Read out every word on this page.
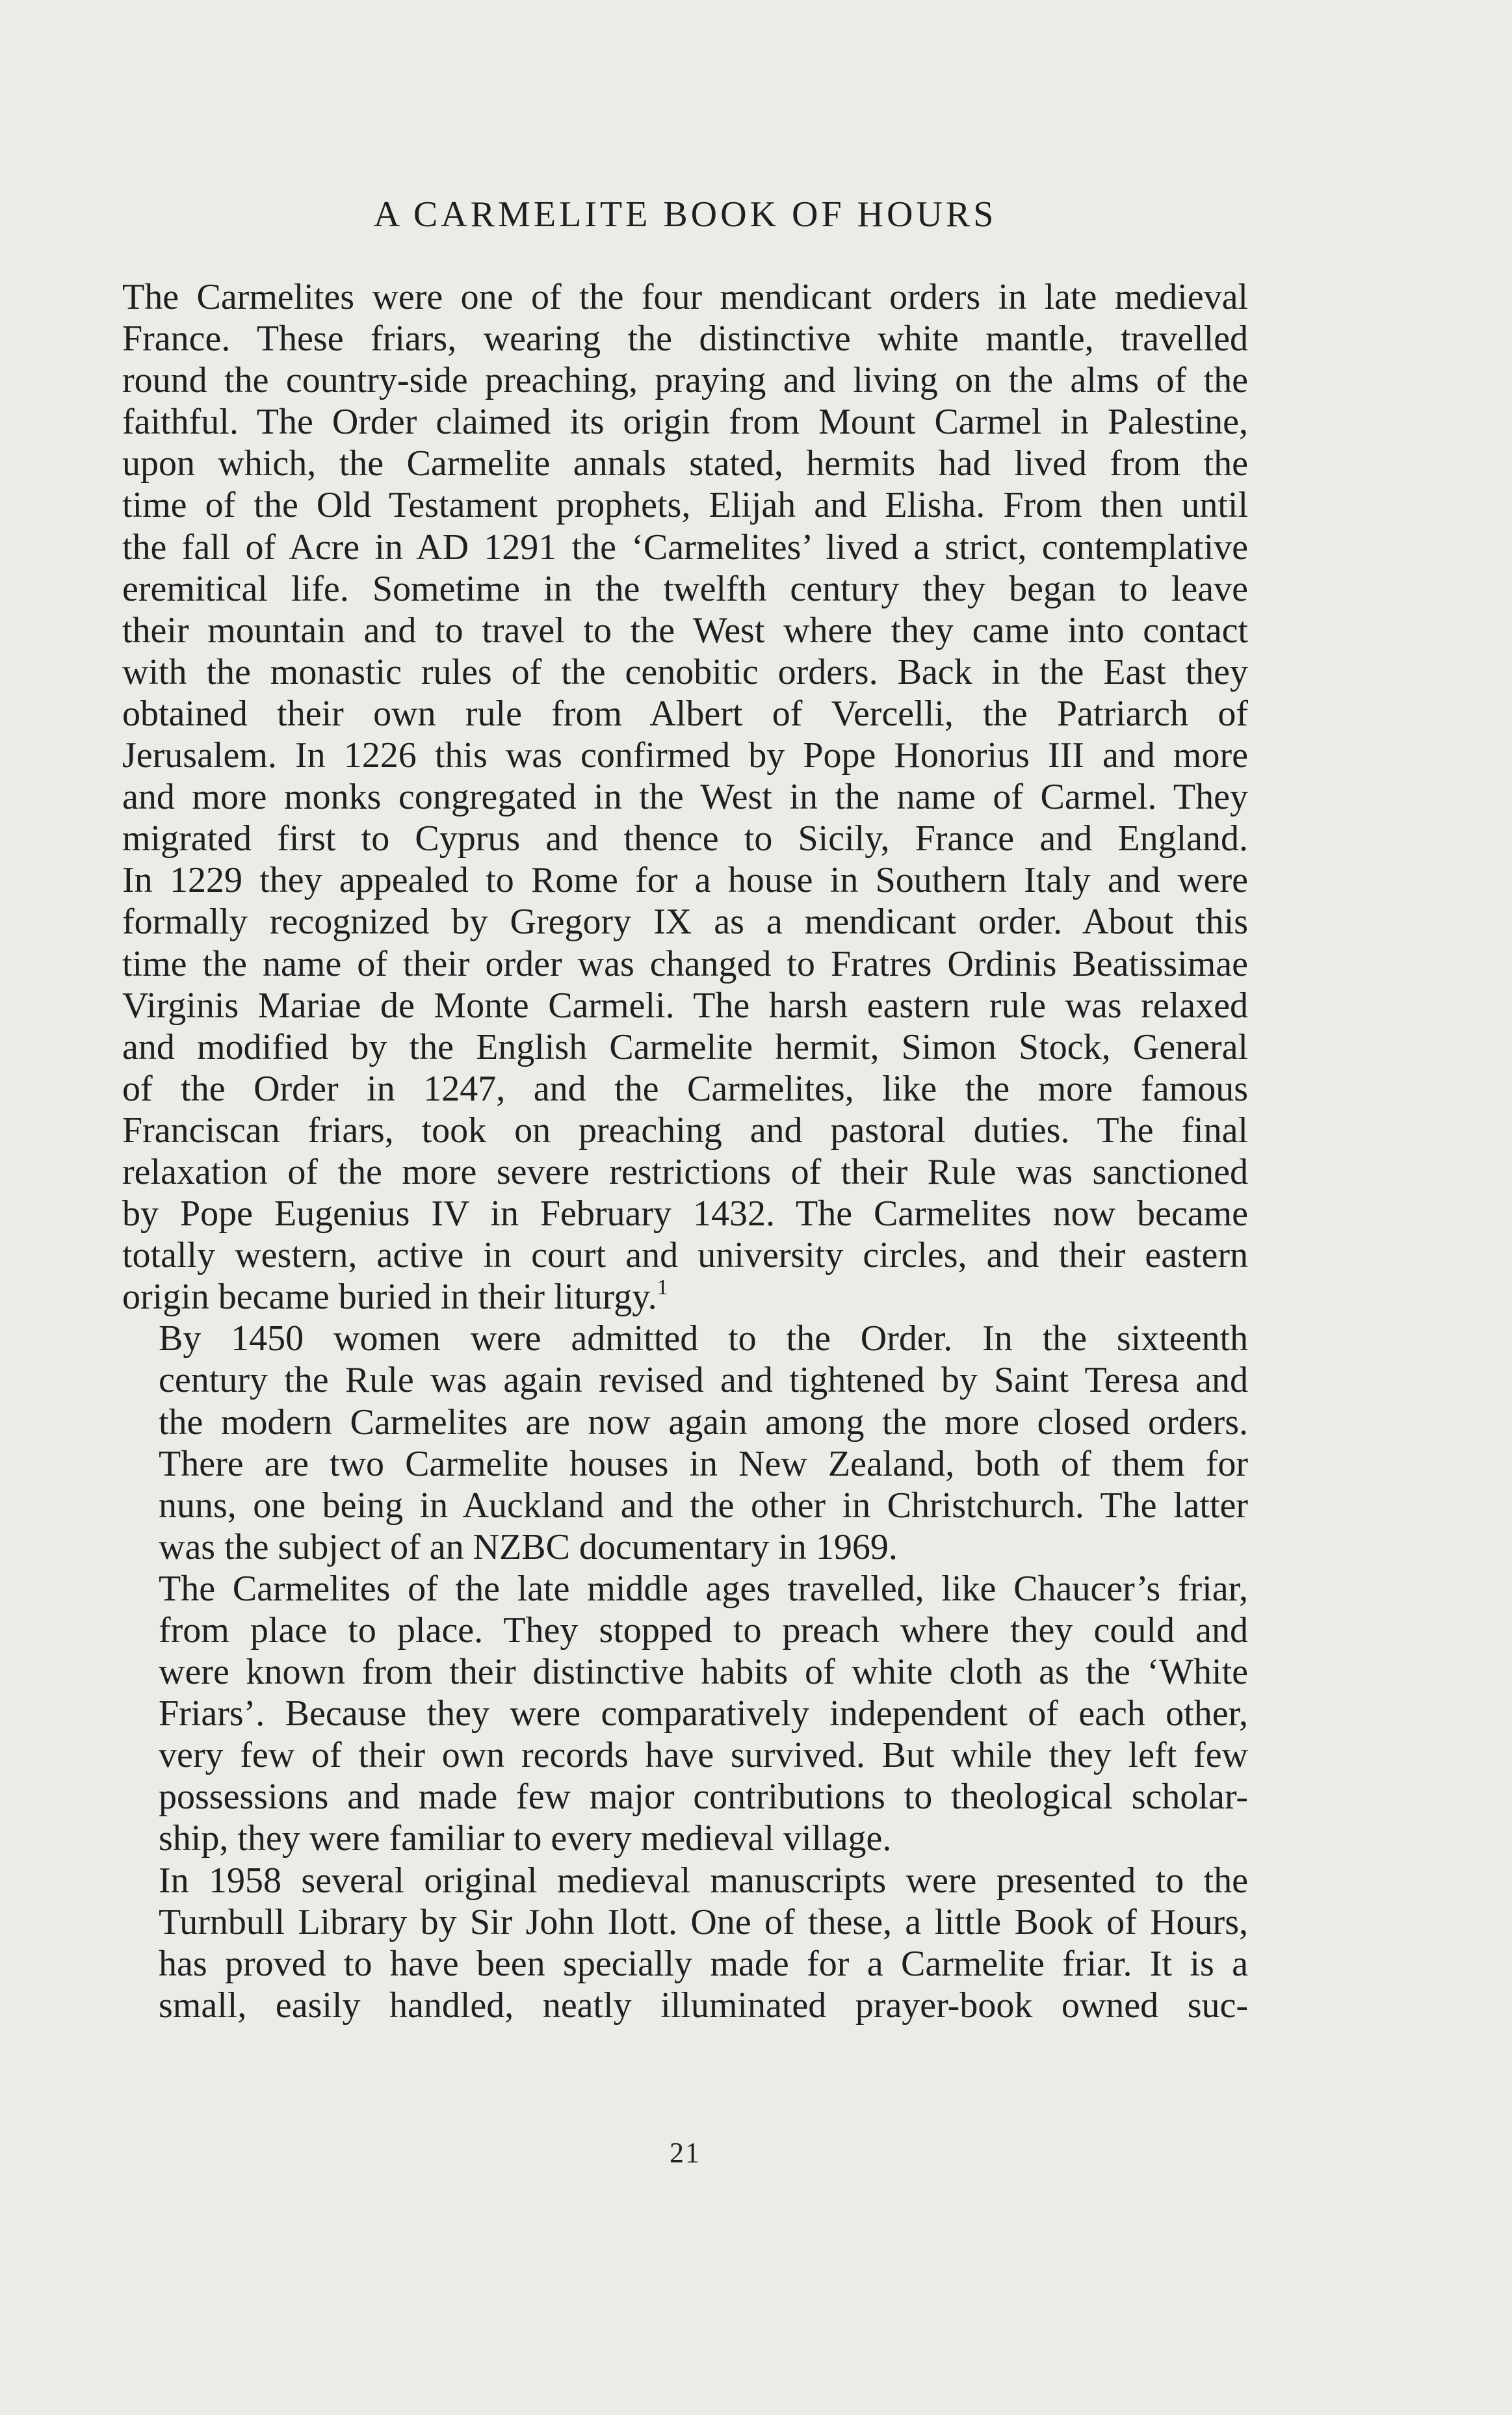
A CARMELITE BOOK OF HOURS

The Carmelites were one of the four mendicant orders in late medieval
France. These friars, wearing the distinctive white mantle, travelled
round the country-side preaching, praying and living on the alms of the
faithful. The Order claimed its origin from Mount Carmel in Palestine,
upon which, the Carmelite annals stated, hermits had lived from the
time of the Old Testament prophets, Elijah and Elisha. From then until
the fall of Acre in AD 1291 the ‘Carmelites’ lived a strict, contemplative
eremitical life. Sometime in the twelfth century they began to leave
their mountain and to travel to the West where they came into contact
with the monastic rules of the cenobitic orders. Back in the East they
obtained their own rule from Albert of Vercelli, the Patriarch of
Jerusalem. In 1226 this was confirmed by Pope Honorius III and more
and more monks congregated in the West in the name of Carmel. They
migrated first to Cyprus and thence to Sicily, France and England.
In 1229 they appealed to Rome for a house in Southern Italy and were
formally recognized by Gregory IX as a mendicant order. About this
time the name of their order was changed to Fratres Ordinis Beatissimae
Virginis Mariae de Monte Carmeli. The harsh eastern rule was relaxed
and modified by the English Carmelite hermit, Simon Stock, General
of the Order in 1247, and the Carmelites, like the more famous
Franciscan friars, took on preaching and pastoral duties. The final
relaxation of the more severe restrictions of their Rule was sanctioned
by Pope Eugenius IV in February 1432. The Carmelites now became
totally western, active in court and university circles, and their eastern
origin became buried in their liturgy.$^1$

By 1450 women were admitted to the Order. In the sixteenth
century the Rule was again revised and tightened by Saint Teresa and
the modern Carmelites are now again among the more closed orders.
There are two Carmelite houses in New Zealand, both of them for
nuns, one being in Auckland and the other in Christchurch. The latter
was the subject of an NZBC documentary in 1969.

The Carmelites of the late middle ages travelled, like Chaucer’s friar,
from place to place. They stopped to preach where they could and
were known from their distinctive habits of white cloth as the ‘White
Friars’. Because they were comparatively independent of each other,
very few of their own records have survived. But while they left few
possessions and made few major contributions to theological scholar-
ship, they were familiar to every medieval village.

In 1958 several original medieval manuscripts were presented to the
Turnbull Library by Sir John Ilott. One of these, a little Book of Hours,
has proved to have been specially made for a Carmelite friar. It is a
small, easily handled, neatly illuminated prayer-book owned suc-

21
